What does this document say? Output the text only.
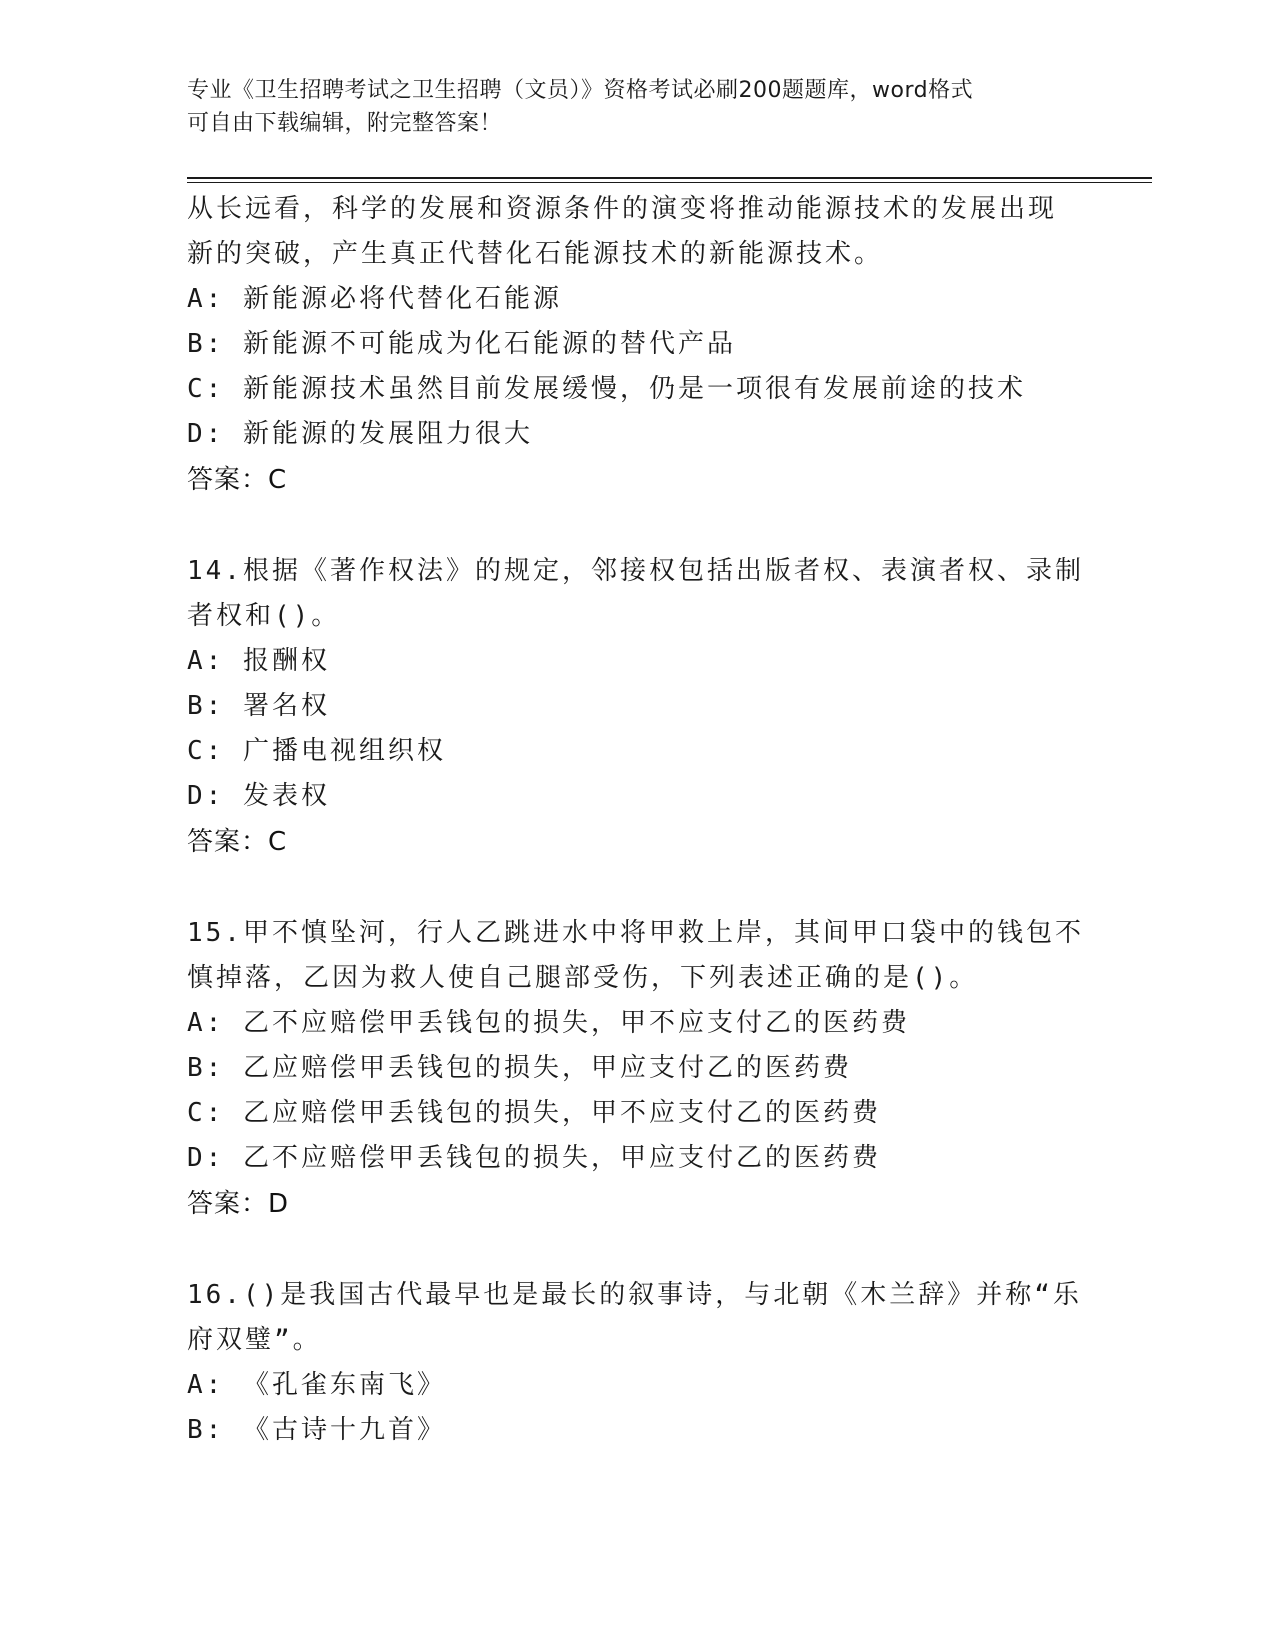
专业《卫生招聘考试之卫生招聘（文员）》资格考试必刷200题题库，word格式
可自由下载编辑，附完整答案！

从长远看，科学的发展和资源条件的演变将推动能源技术的发展出现

新的突破，产生真正代替化石能源技术的新能源技术。

A: 新能源必将代替化石能源

B: 新能源不可能成为化石能源的替代产品

C: 新能源技术虽然目前发展缓慢，仍是一项很有发展前途的技术

D: 新能源的发展阻力很大

答案：C

14.根据《著作权法》的规定，邻接权包括出版者权、表演者权、录制

者权和()。

A: 报酬权

B: 署名权

C: 广播电视组织权

D: 发表权

答案：C

15.甲不慎坠河，行人乙跳进水中将甲救上岸，其间甲口袋中的钱包不

慎掉落，乙因为救人使自己腿部受伤，下列表述正确的是()。

A: 乙不应赔偿甲丢钱包的损失，甲不应支付乙的医药费

B: 乙应赔偿甲丢钱包的损失，甲应支付乙的医药费

C: 乙应赔偿甲丢钱包的损失，甲不应支付乙的医药费

D: 乙不应赔偿甲丢钱包的损失，甲应支付乙的医药费

答案：D

16.()是我国古代最早也是最长的叙事诗，与北朝《木兰辞》并称“乐

府双璧”。

A: 《孔雀东南飞》

B: 《古诗十九首》
